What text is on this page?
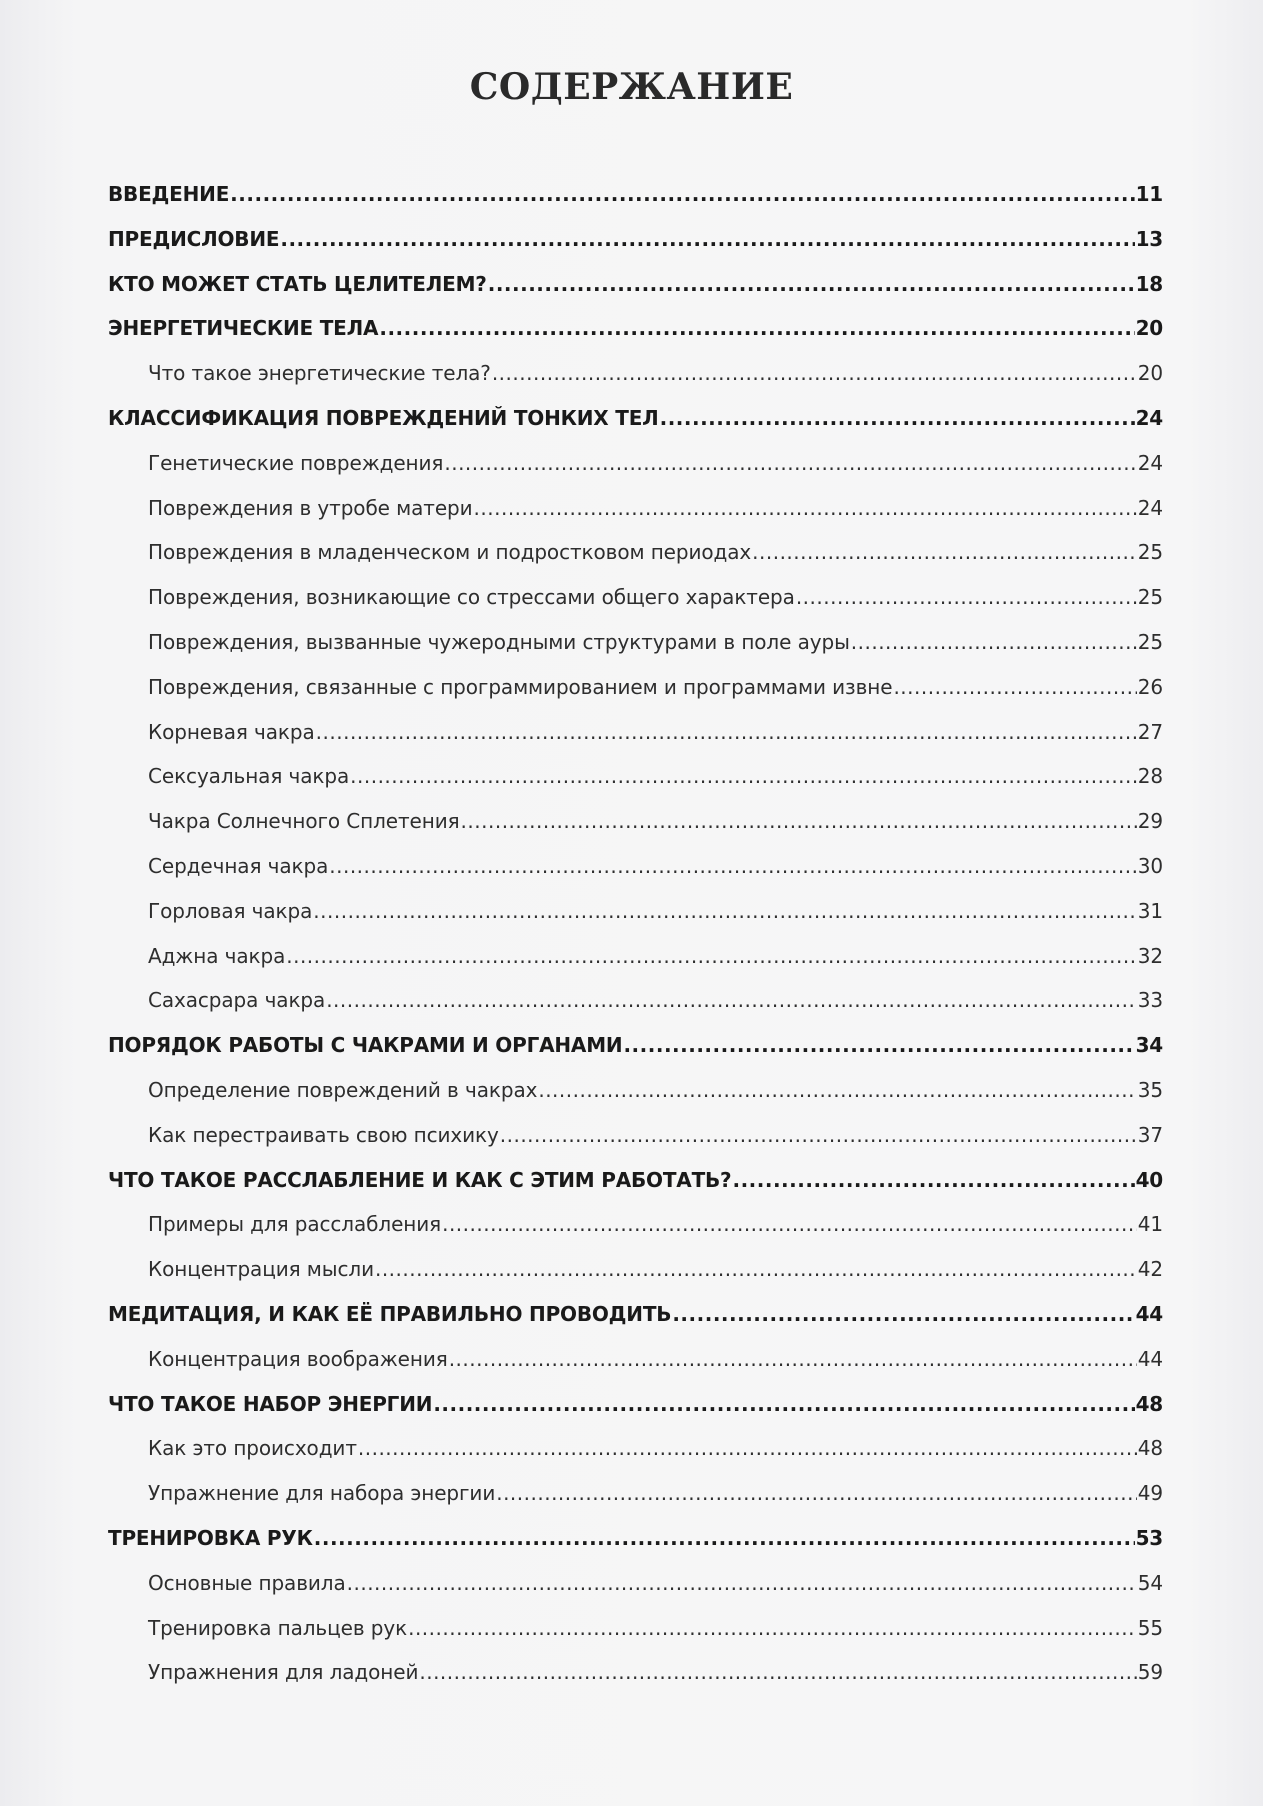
СОДЕРЖАНИЕ
ВВЕДЕНИЕ .....	11
ПРЕДИСЛОВИЕ .....	13
КТО МОЖЕТ СТАТЬ ЦЕЛИТЕЛЕМ? .....	18
ЭНЕРГЕТИЧЕСКИЕ ТЕЛА .....	20
Что такое энергетические тела? .....	20
КЛАССИФИКАЦИЯ ПОВРЕЖДЕНИЙ ТОНКИХ ТЕЛ .....	24
Генетические повреждения .....	24
Повреждения в утробе матери .....	24
Повреждения в младенческом и подростковом периодах .....	25
Повреждения, возникающие со стрессами общего характера .....	25
Повреждения, вызванные чужеродными структурами в поле ауры .....	25
Повреждения, связанные с программированием и программами извне .....	26
Корневая чакра .....	27
Сексуальная чакра .....	28
Чакра Солнечного Сплетения .....	29
Сердечная чакра .....	30
Горловая чакра .....	31
Аджна чакра .....	32
Сахасрара чакра .....	33
ПОРЯДОК РАБОТЫ С ЧАКРАМИ И ОРГАНАМИ .....	34
Определение повреждений в чакрах .....	35
Как перестраивать свою психику .....	37
ЧТО ТАКОЕ РАССЛАБЛЕНИЕ И КАК С ЭТИМ РАБОТАТЬ? .....	40
Примеры для расслабления .....	41
Концентрация мысли .....	42
МЕДИТАЦИЯ, И КАК ЕЁ ПРАВИЛЬНО ПРОВОДИТЬ .....	44
Концентрация воображения .....	44
ЧТО ТАКОЕ НАБОР ЭНЕРГИИ .....	48
Как это происходит .....	48
Упражнение для набора энергии .....	49
ТРЕНИРОВКА РУК .....	53
Основные правила .....	54
Тренировка пальцев рук .....	55
Упражнения для ладоней .....	59
